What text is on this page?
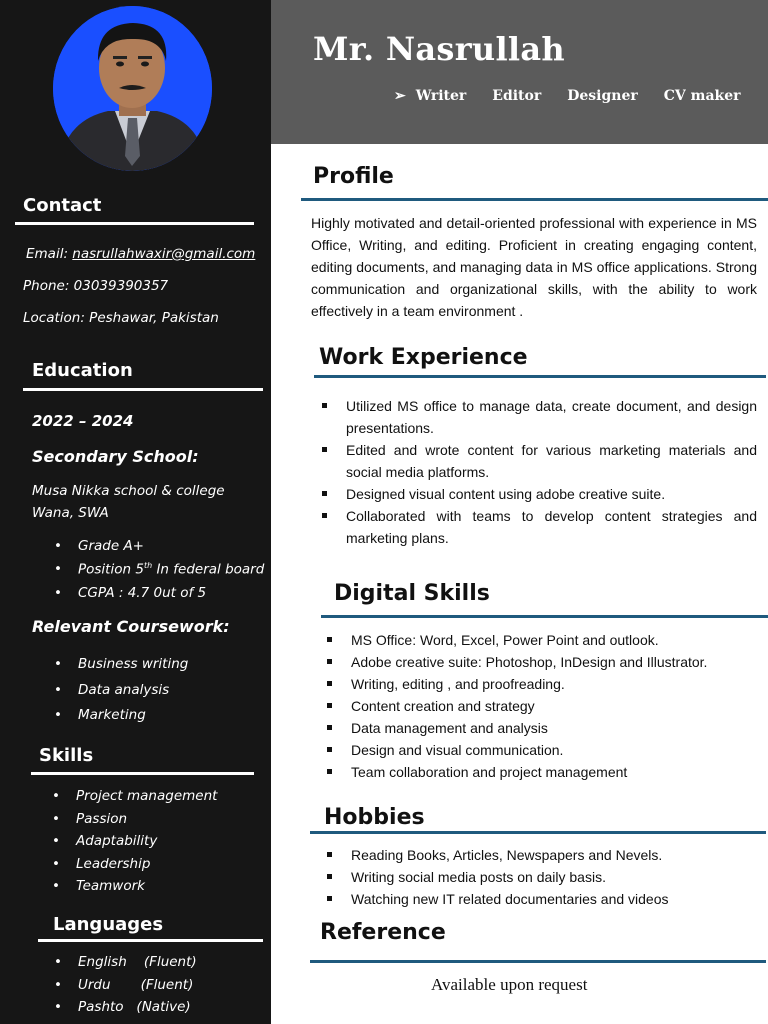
Contact
Email: nasrullahwaxir@gmail.com
Phone: 03039390357
Location: Peshawar, Pakistan
Education
2022 – 2024
Secondary School:
Musa Nikka school & college
Wana, SWA
• Grade A+
• Position 5th In federal board
• CGPA : 4.7 0ut of 5
Relevant Coursework:
• Business writing
• Data analysis
• Marketing
Skills
• Project management
• Passion
• Adaptability
• Leadership
• Teamwork
Languages
• English    (Fluent)
• Urdu       (Fluent)
• Pashto   (Native)
Mr. Nasrullah
➢ Writer Editor Designer CV maker
Profile
Highly motivated and detail-oriented professional with experience in MS Office, Writing, and editing. Proficient in creating engaging content, editing documents, and managing data in MS office applications. Strong communication and organizational skills, with the ability to work effectively in a team environment .
Work Experience
Utilized MS office to manage data, create document, and design presentations.
Edited and wrote content for various marketing materials and social media platforms.
Designed visual content using adobe creative suite.
Collaborated with teams to develop content strategies and marketing plans.
Digital Skills
MS Office: Word, Excel, Power Point and outlook.
Adobe creative suite: Photoshop, InDesign and Illustrator.
Writing, editing , and proofreading.
Content creation and strategy
Data management and analysis
Design and visual communication.
Team collaboration and project management
Hobbies
Reading Books, Articles, Newspapers and Nevels.
Writing social media posts on daily basis.
Watching new IT related documentaries and videos
Reference
Available upon request
